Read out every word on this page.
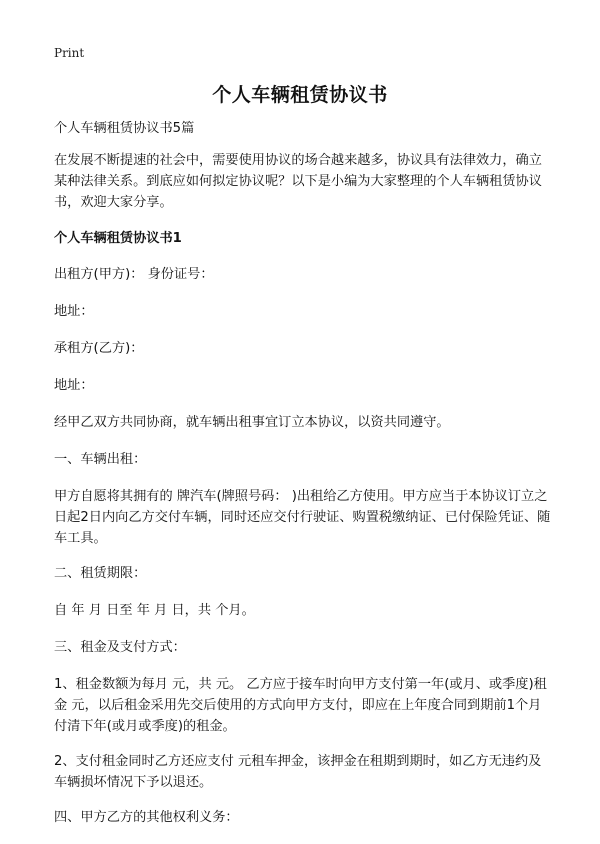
Print
个人车辆租赁协议书

个人车辆租赁协议书5篇

在发展不断提速的社会中，需要使用协议的场合越来越多，协议具有法律效力，确立某种法律关系。到底应如何拟定协议呢？以下是小编为大家整理的个人车辆租赁协议书，欢迎大家分享。

个人车辆租赁协议书1

出租方(甲方)： 身份证号：

地址：

承租方(乙方)：

地址：

经甲乙双方共同协商，就车辆出租事宜订立本协议，以资共同遵守。

一、车辆出租：

甲方自愿将其拥有的 牌汽车(牌照号码： )出租给乙方使用。甲方应当于本协议订立之日起2日内向乙方交付车辆，同时还应交付行驶证、购置税缴纳证、已付保险凭证、随车工具。

二、租赁期限：

自 年 月 日至 年 月 日，共 个月。

三、租金及支付方式：

1、租金数额为每月 元，共 元。 乙方应于接车时向甲方支付第一年(或月、或季度)租金 元，以后租金采用先交后使用的方式向甲方支付，即应在上年度合同到期前1个月付清下年(或月或季度)的租金。

2、支付租金同时乙方还应支付 元租车押金，该押金在租期到期时，如乙方无违约及车辆损坏情况下予以退还。

四、甲方乙方的其他权利义务：
